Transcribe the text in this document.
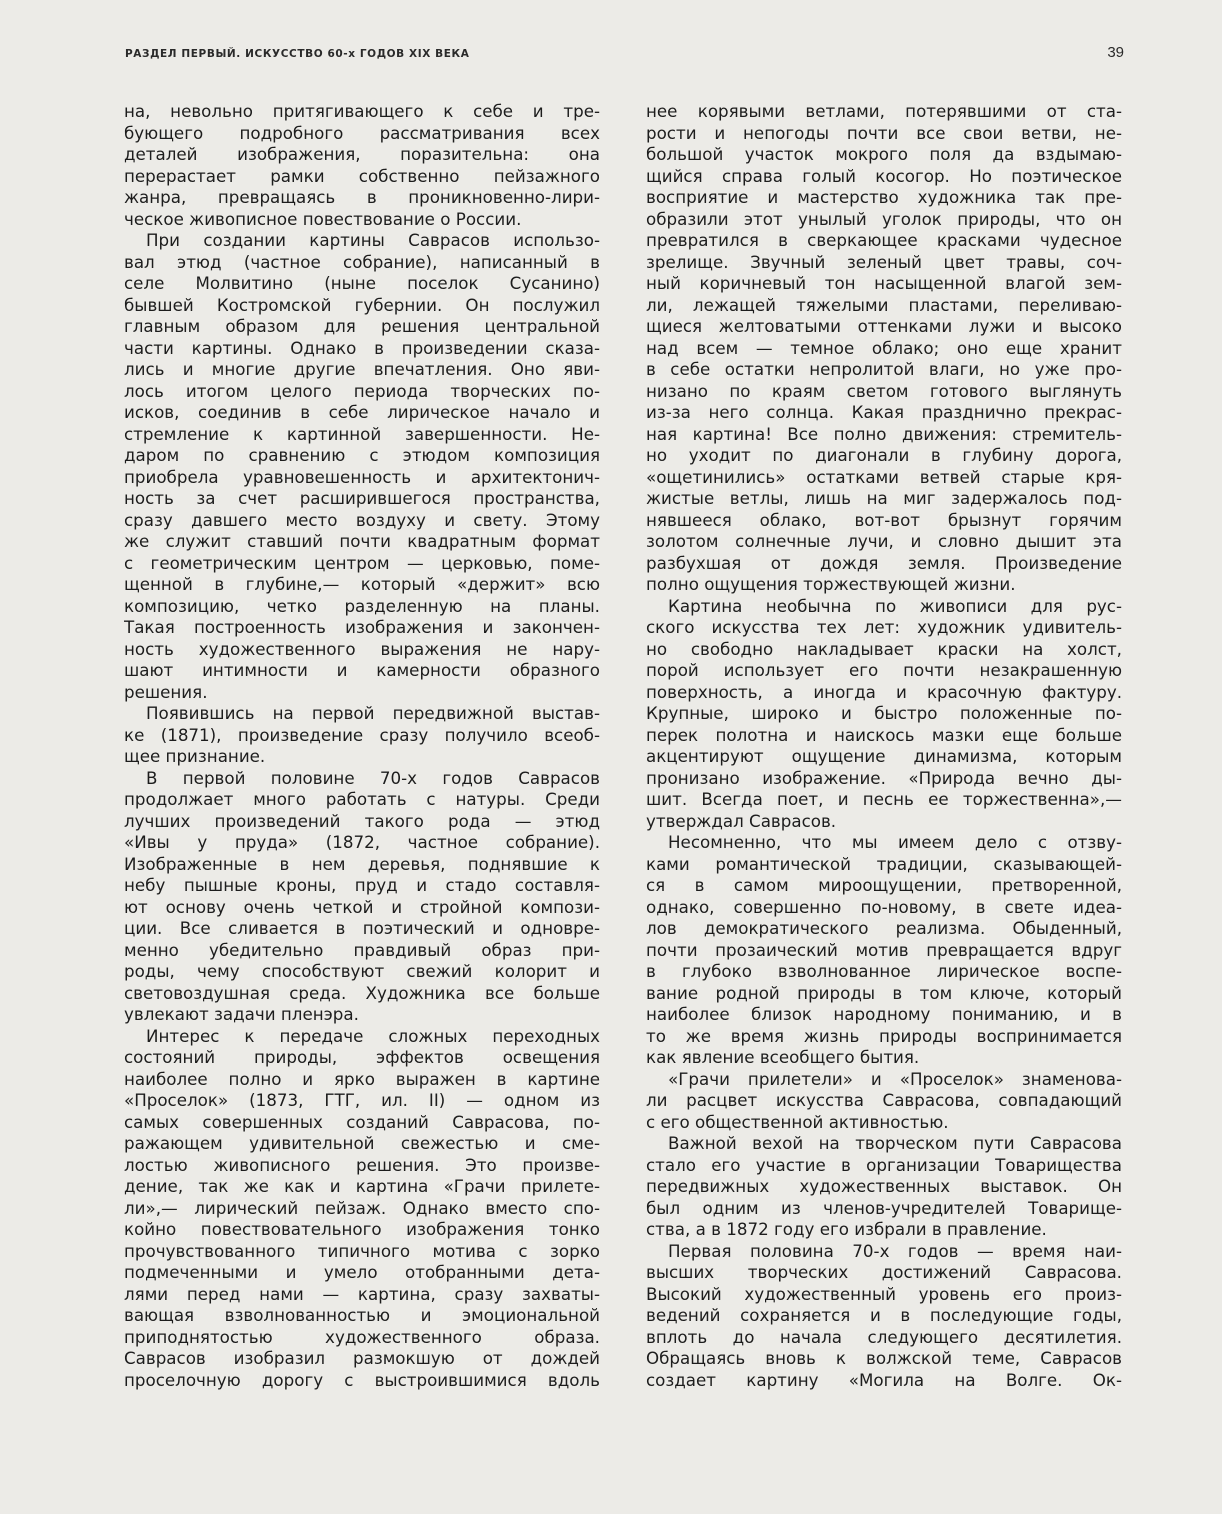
РАЗДЕЛ ПЕРВЫЙ. ИСКУССТВО 60-х ГОДОВ XIX ВЕКА	39
на, невольно притягивающего к себе и тре-
бующего подробного рассматривания всех
деталей изображения, поразительна: она
перерастает рамки собственно пейзажного
жанра, превращаясь в проникновенно-лири-
ческое живописное повествование о России.
При создании картины Саврасов использо-
вал этюд (частное собрание), написанный в
селе Молвитино (ныне поселок Сусанино)
бывшей Костромской губернии. Он послужил
главным образом для решения центральной
части картины. Однако в произведении сказа-
лись и многие другие впечатления. Оно яви-
лось итогом целого периода творческих по-
исков, соединив в себе лирическое начало и
стремление к картинной завершенности. Не-
даром по сравнению с этюдом композиция
приобрела уравновешенность и архитектонич-
ность за счет расширившегося пространства,
сразу давшего место воздуху и свету. Этому
же служит ставший почти квадратным формат
с геометрическим центром — церковью, поме-
щенной в глубине,— который «держит» всю
композицию, четко разделенную на планы.
Такая построенность изображения и закончен-
ность художественного выражения не нару-
шают интимности и камерности образного
решения.
Появившись на первой передвижной выстав-
ке (1871), произведение сразу получило всеоб-
щее признание.
В первой половине 70-х годов Саврасов
продолжает много работать с натуры. Среди
лучших произведений такого рода — этюд
«Ивы у пруда» (1872, частное собрание).
Изображенные в нем деревья, поднявшие к
небу пышные кроны, пруд и стадо составля-
ют основу очень четкой и стройной компози-
ции. Все сливается в поэтический и одновре-
менно убедительно правдивый образ при-
роды, чему способствуют свежий колорит и
световоздушная среда. Художника все больше
увлекают задачи пленэра.
Интерес к передаче сложных переходных
состояний природы, эффектов освещения
наиболее полно и ярко выражен в картине
«Проселок» (1873, ГТГ, ил. II) — одном из
самых совершенных созданий Саврасова, по-
ражающем удивительной свежестью и сме-
лостью живописного решения. Это произве-
дение, так же как и картина «Грачи прилете-
ли»,— лирический пейзаж. Однако вместо спо-
койно повествовательного изображения тонко
прочувствованного типичного мотива с зорко
подмеченными и умело отобранными дета-
лями перед нами — картина, сразу захваты-
вающая взволнованностью и эмоциональной
приподнятостью художественного образа.
Саврасов изобразил размокшую от дождей
проселочную дорогу с выстроившимися вдоль
нее корявыми ветлами, потерявшими от ста-
рости и непогоды почти все свои ветви, не-
большой участок мокрого поля да вздымаю-
щийся справа голый косогор. Но поэтическое
восприятие и мастерство художника так пре-
образили этот унылый уголок природы, что он
превратился в сверкающее красками чудесное
зрелище. Звучный зеленый цвет травы, соч-
ный коричневый тон насыщенной влагой зем-
ли, лежащей тяжелыми пластами, переливаю-
щиеся желтоватыми оттенками лужи и высоко
над всем — темное облако; оно еще хранит
в себе остатки непролитой влаги, но уже про-
низано по краям светом готового выглянуть
из-за него солнца. Какая празднично прекрас-
ная картина! Все полно движения: стремитель-
но уходит по диагонали в глубину дорога,
«ощетинились» остатками ветвей старые кря-
жистые ветлы, лишь на миг задержалось под-
нявшееся облако, вот-вот брызнут горячим
золотом солнечные лучи, и словно дышит эта
разбухшая от дождя земля. Произведение
полно ощущения торжествующей жизни.
Картина необычна по живописи для рус-
ского искусства тех лет: художник удивитель-
но свободно накладывает краски на холст,
порой использует его почти незакрашенную
поверхность, а иногда и красочную фактуру.
Крупные, широко и быстро положенные по-
перек полотна и наискось мазки еще больше
акцентируют ощущение динамизма, которым
пронизано изображение. «Природа вечно ды-
шит. Всегда поет, и песнь ее торжественна»,—
утверждал Саврасов.
Несомненно, что мы имеем дело с отзву-
ками романтической традиции, сказывающей-
ся в самом мироощущении, претворенной,
однако, совершенно по-новому, в свете идеа-
лов демократического реализма. Обыденный,
почти прозаический мотив превращается вдруг
в глубоко взволнованное лирическое воспе-
вание родной природы в том ключе, который
наиболее близок народному пониманию, и в
то же время жизнь природы воспринимается
как явление всеобщего бытия.
«Грачи прилетели» и «Проселок» знаменова-
ли расцвет искусства Саврасова, совпадающий
с его общественной активностью.
Важной вехой на творческом пути Саврасова
стало его участие в организации Товарищества
передвижных художественных выставок. Он
был одним из членов-учредителей Товарище-
ства, а в 1872 году его избрали в правление.
Первая половина 70-х годов — время наи-
высших творческих достижений Саврасова.
Высокий художественный уровень его произ-
ведений сохраняется и в последующие годы,
вплоть до начала следующего десятилетия.
Обращаясь вновь к волжской теме, Саврасов
создает картину «Могила на Волге. Ок-
